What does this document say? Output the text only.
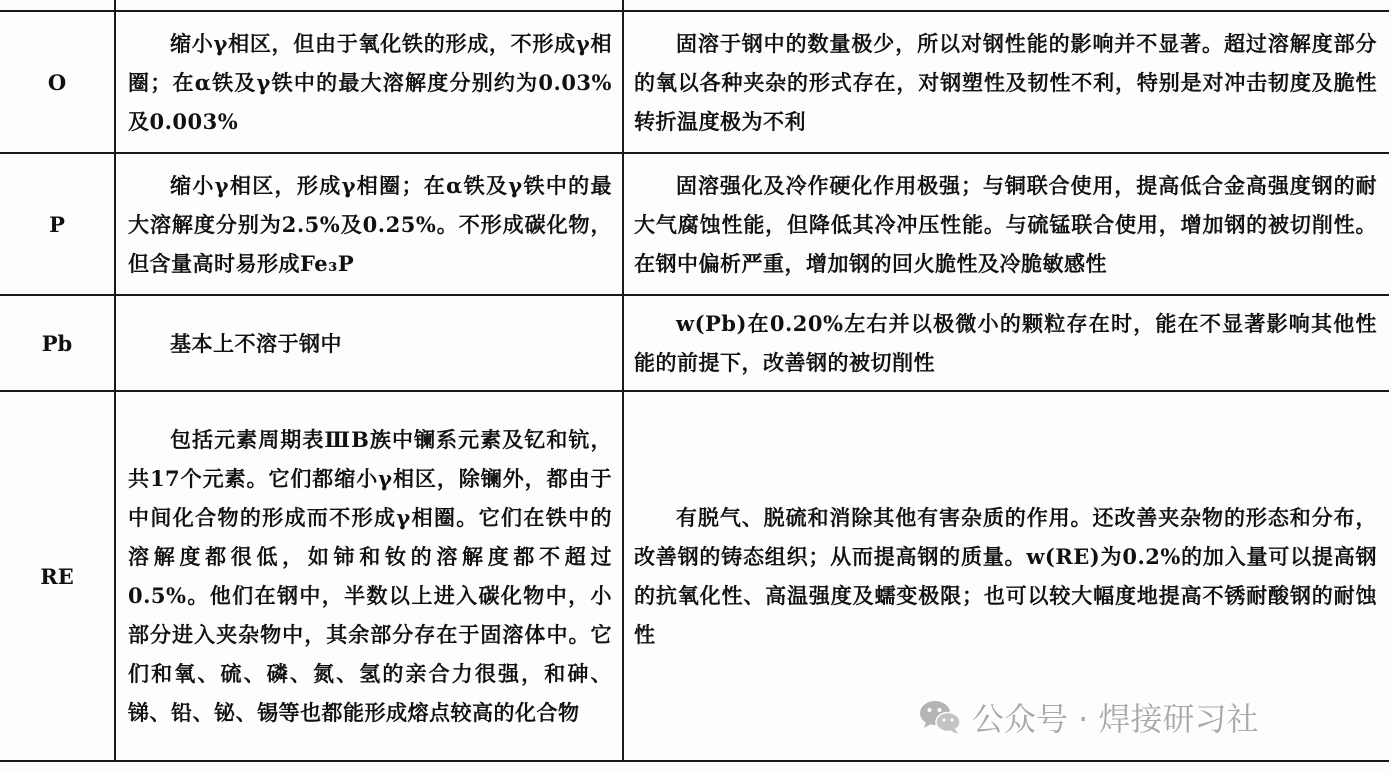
O	缩小γ相区，但由于氧化铁的形成，不形成γ相圈；在α铁及γ铁中的最大溶解度分别约为0.03%及0.003%	固溶于钢中的数量极少，所以对钢性能的影响并不显著。超过溶解度部分的氧以各种夹杂的形式存在，对钢塑性及韧性不利，特别是对冲击韧度及脆性转折温度极为不利

P	缩小γ相区，形成γ相圈；在α铁及γ铁中的最大溶解度分别为2.5%及0.25%。不形成碳化物，但含量高时易形成Fe₃P	固溶强化及冷作硬化作用极强；与铜联合使用，提高低合金高强度钢的耐大气腐蚀性能，但降低其冷冲压性能。与硫锰联合使用，增加钢的被切削性。在钢中偏析严重，增加钢的回火脆性及冷脆敏感性

Pb	基本上不溶于钢中	w(Pb)在0.20%左右并以极微小的颗粒存在时，能在不显著影响其他性能的前提下，改善钢的被切削性

RE	包括元素周期表ⅢB族中镧系元素及钇和钪，共17个元素。它们都缩小γ相区，除镧外，都由于中间化合物的形成而不形成γ相圈。它们在铁中的溶解度都很低，如铈和钕的溶解度都不超过0.5%。他们在钢中，半数以上进入碳化物中，小部分进入夹杂物中，其余部分存在于固溶体中。它们和氧、硫、磷、氮、氢的亲合力很强，和砷、锑、铅、铋、锡等也都能形成熔点较高的化合物	有脱气、脱硫和消除其他有害杂质的作用。还改善夹杂物的形态和分布，改善钢的铸态组织；从而提高钢的质量。w(RE)为0.2%的加入量可以提高钢的抗氧化性、高温强度及蠕变极限；也可以较大幅度地提高不锈耐酸钢的耐蚀性
公众号 · 焊接研习社
